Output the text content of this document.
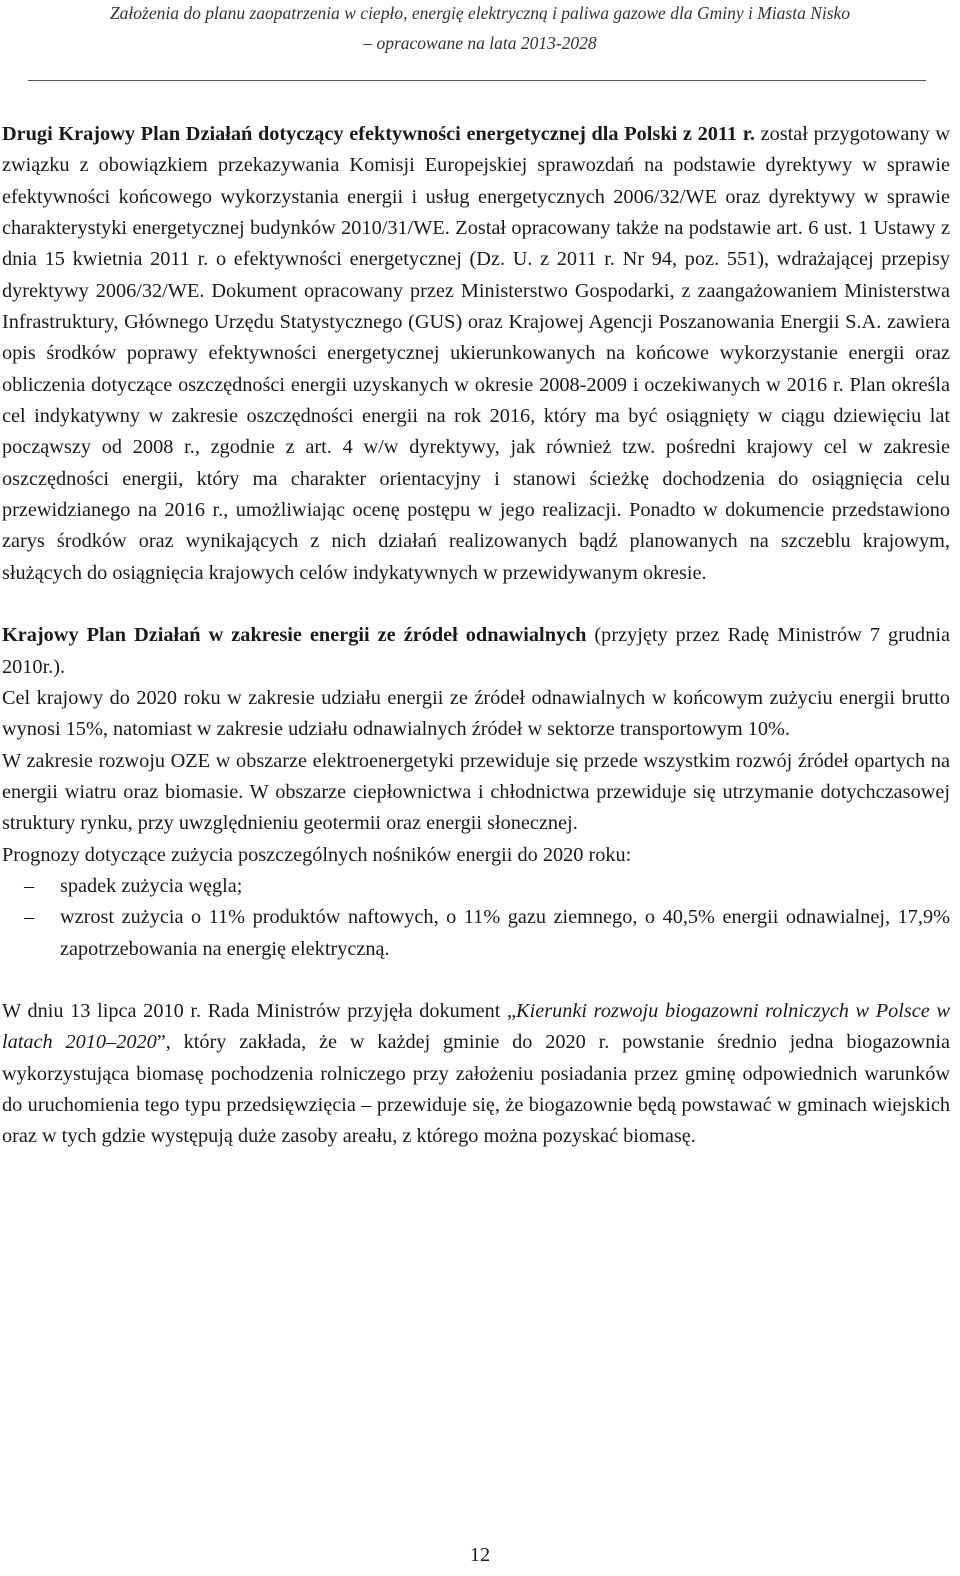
Założenia do planu zaopatrzenia w ciepło, energię elektryczną i paliwa gazowe dla Gminy i Miasta Nisko
– opracowane na lata 2013-2028

Drugi Krajowy Plan Działań dotyczący efektywności energetycznej dla Polski z 2011 r. został przygotowany w związku z obowiązkiem przekazywania Komisji Europejskiej sprawozdań na podstawie dyrektywy w sprawie efektywności końcowego wykorzystania energii i usług energetycznych 2006/32/WE oraz dyrektywy w sprawie charakterystyki energetycznej budynków 2010/31/WE. Został opracowany także na podstawie art. 6 ust. 1 Ustawy z dnia 15 kwietnia 2011 r. o efektywności energetycznej (Dz. U. z 2011 r. Nr 94, poz. 551), wdrażającej przepisy dyrektywy 2006/32/WE. Dokument opracowany przez Ministerstwo Gospodarki, z zaangażowaniem Ministerstwa Infrastruktury, Głównego Urzędu Statystycznego (GUS) oraz Krajowej Agencji Poszanowania Energii S.A. zawiera opis środków poprawy efektywności energetycznej ukierunkowanych na końcowe wykorzystanie energii oraz obliczenia dotyczące oszczędności energii uzyskanych w okresie 2008-2009 i oczekiwanych w 2016 r. Plan określa cel indykatywny w zakresie oszczędności energii na rok 2016, który ma być osiągnięty w ciągu dziewięciu lat począwszy od 2008 r., zgodnie z art. 4 w/w dyrektywy, jak również tzw. pośredni krajowy cel w zakresie oszczędności energii, który ma charakter orientacyjny i stanowi ścieżkę dochodzenia do osiągnięcia celu przewidzianego na 2016 r., umożliwiając ocenę postępu w jego realizacji. Ponadto w dokumencie przedstawiono zarys środków oraz wynikających z nich działań realizowanych bądź planowanych na szczeblu krajowym, służących do osiągnięcia krajowych celów indykatywnych w przewidywanym okresie.

Krajowy Plan Działań w zakresie energii ze źródeł odnawialnych (przyjęty przez Radę Ministrów 7 grudnia 2010r.).

Cel krajowy do 2020 roku w zakresie udziału energii ze źródeł odnawialnych w końcowym zużyciu energii brutto wynosi 15%, natomiast w zakresie udziału odnawialnych źródeł w sektorze transportowym 10%.

W zakresie rozwoju OZE w obszarze elektroenergetyki przewiduje się przede wszystkim rozwój źródeł opartych na energii wiatru oraz biomasie. W obszarze ciepłownictwa i chłodnictwa przewiduje się utrzymanie dotychczasowej struktury rynku, przy uwzględnieniu geotermii oraz energii słonecznej.

Prognozy dotyczące zużycia poszczególnych nośników energii do 2020 roku:

– spadek zużycia węgla;
– wzrost zużycia o 11% produktów naftowych, o 11% gazu ziemnego, o 40,5% energii odnawialnej, 17,9% zapotrzebowania na energię elektryczną.

W dniu 13 lipca 2010 r. Rada Ministrów przyjęła dokument „Kierunki rozwoju biogazowni rolniczych w Polsce w latach 2010–2020”, który zakłada, że w każdej gminie do 2020 r. powstanie średnio jedna biogazownia wykorzystująca biomasę pochodzenia rolniczego przy założeniu posiadania przez gminę odpowiednich warunków do uruchomienia tego typu przedsięwzięcia – przewiduje się, że biogazownie będą powstawać w gminach wiejskich oraz w tych gdzie występują duże zasoby areału, z którego można pozyskać biomasę.

12
